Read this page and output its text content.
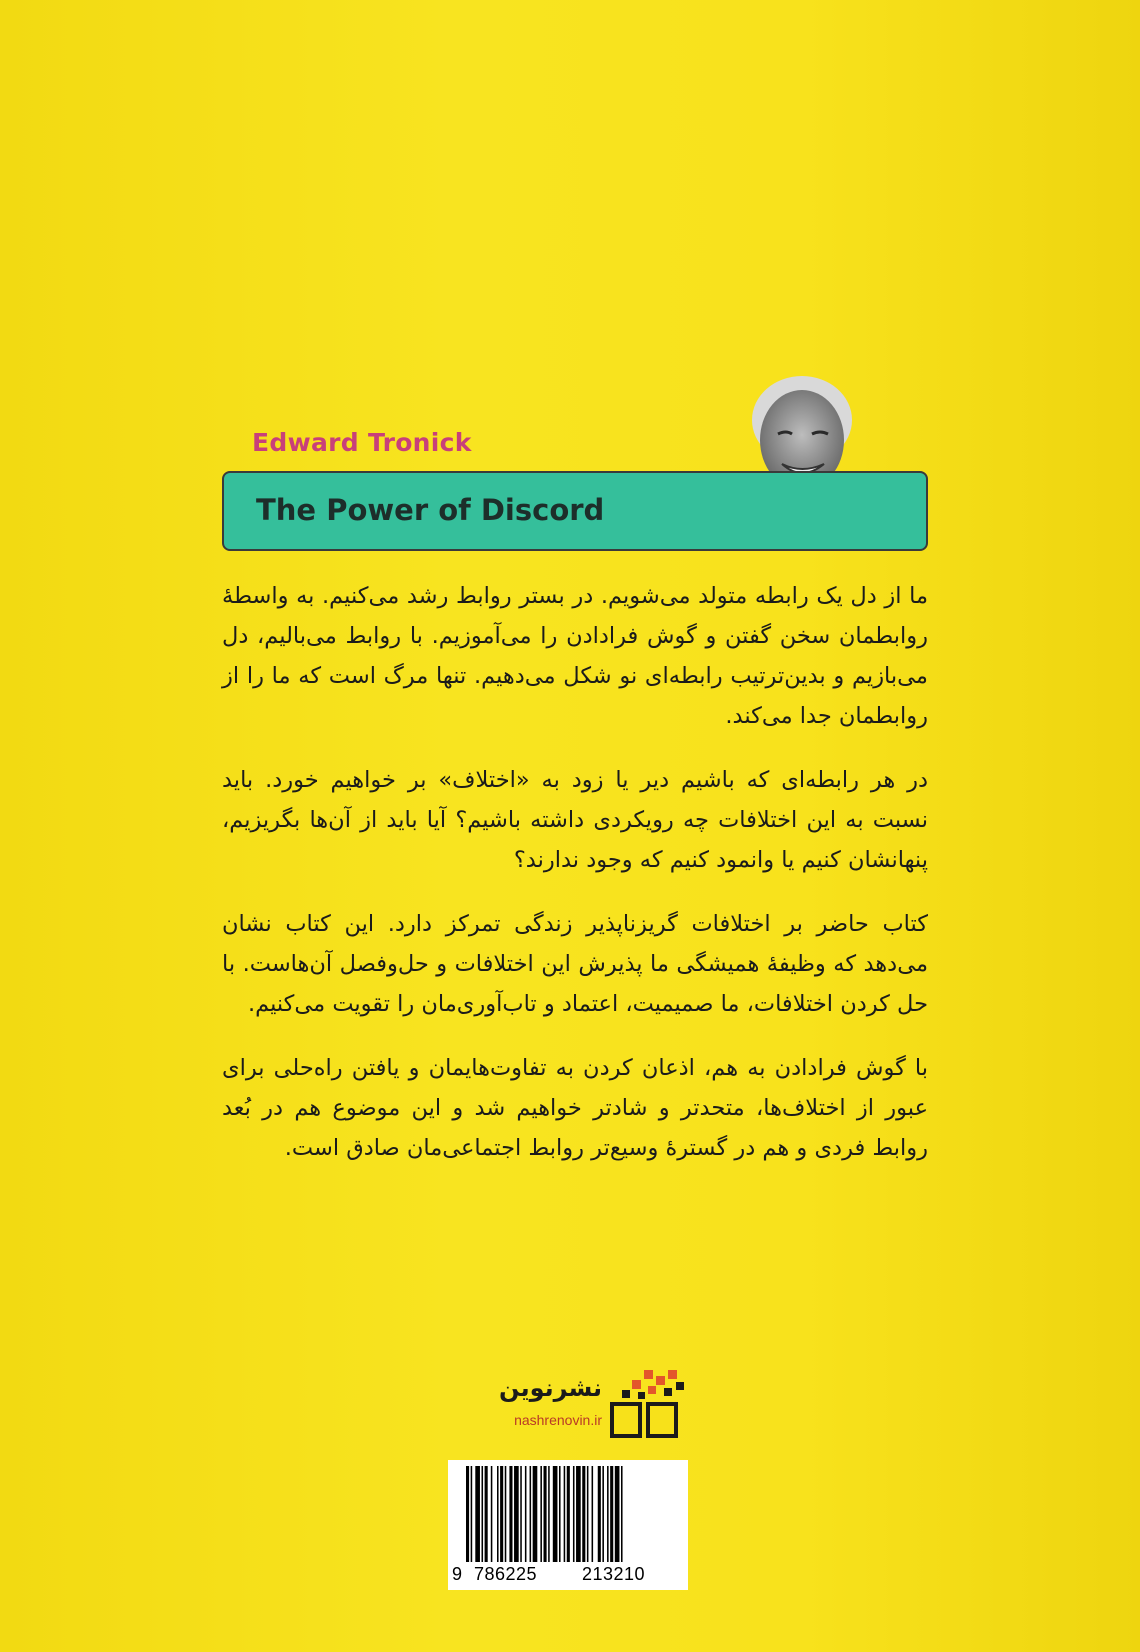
Edward Tronick
The Power of Discord

ما از دل یک رابطه متولد می‌شویم. در بستر روابط رشد می‌کنیم. به واسطهٔ روابطمان سخن گفتن و گوش فرادادن را می‌آموزیم. با روابط می‌بالیم، دل می‌بازیم و بدین‌ترتیب رابطه‌ای نو شکل می‌دهیم. تنها مرگ است که ما را از روابطمان جدا می‌کند.

در هر رابطه‌ای که باشیم دیر یا زود به «اختلاف» بر خواهیم خورد. باید نسبت به این اختلافات چه رویکردی داشته باشیم؟ آیا باید از آن‌ها بگریزیم، پنهانشان کنیم یا وانمود کنیم که وجود ندارند؟

کتاب حاضر بر اختلافات گریزناپذیر زندگی تمرکز دارد. این کتاب نشان می‌دهد که وظیفهٔ همیشگی ما پذیرش این اختلافات و حل‌وفصل آن‌هاست. با حل کردن اختلافات، ما صمیمیت، اعتماد و تاب‌آوری‌مان را تقویت می‌کنیم.

با گوش فرادادن به هم، اذعان کردن به تفاوت‌هایمان و یافتن راه‌حلی برای عبور از اختلاف‌ها، متحدتر و شادتر خواهیم شد و این موضوع هم در بُعد روابط فردی و هم در گسترهٔ وسیع‌تر روابط اجتماعی‌مان صادق است.

نشرنوین
nashrenovin.ir
9 786225 213210
